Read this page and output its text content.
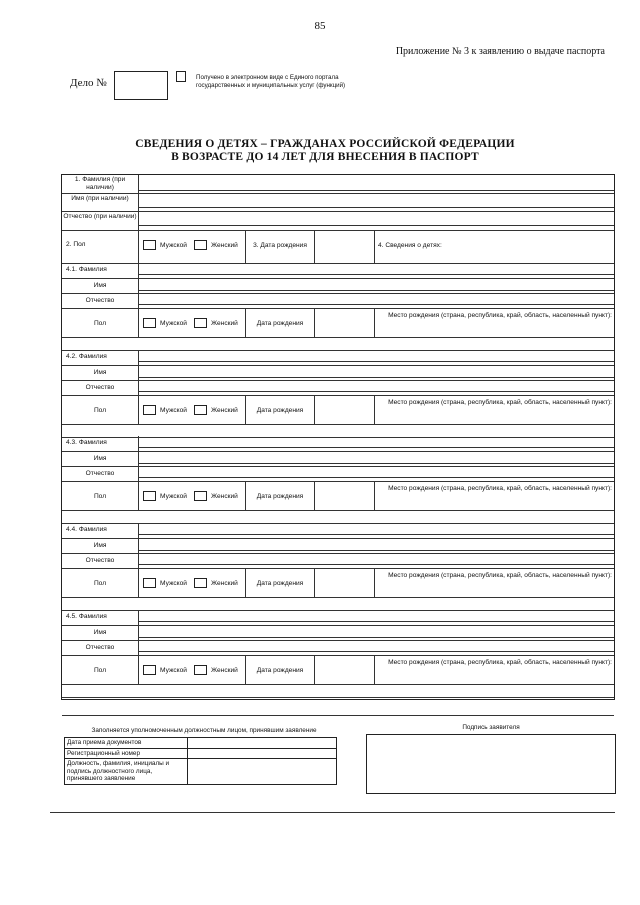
85
Приложение № 3 к заявлению о выдаче паспорта
Дело №	Получено в электронном виде с Единого портала государственных и муниципальных услуг (функций)
СВЕДЕНИЯ О ДЕТЯХ – ГРАЖДАНАХ РОССИЙСКОЙ ФЕДЕРАЦИИ
В ВОЗРАСТЕ ДО 14 ЛЕТ ДЛЯ ВНЕСЕНИЯ В ПАСПОРТ
1. Фамилия (при наличии)
Имя (при наличии)
Отчество (при наличии)
2. Пол	Мужской	Женский	3. Дата рождения	4. Сведения о детях:
4.1. Фамилия
Имя
Отчество
Пол	Мужской	Женский	Дата рождения
Место рождения (страна, республика, край, область, населенный пункт):
4.2. Фамилия
Имя
Отчество
Пол	Мужской	Женский	Дата рождения
Место рождения (страна, республика, край, область, населенный пункт):
4.3. Фамилия
Имя
Отчество
Пол	Мужской	Женский	Дата рождения
Место рождения (страна, республика, край, область, населенный пункт):
4.4. Фамилия
Имя
Отчество
Пол	Мужской	Женский	Дата рождения
Место рождения (страна, республика, край, область, населенный пункт):
4.5. Фамилия
Имя
Отчество
Пол	Мужской	Женский	Дата рождения
Место рождения (страна, республика, край, область, населенный пункт):
Заполняется уполномоченным должностным лицом, принявшим заявление
Дата приема документов	
Регистрационный номер	
Должность, фамилия, инициалы и подпись должностного лица, принявшего заявление	
Подпись заявителя
